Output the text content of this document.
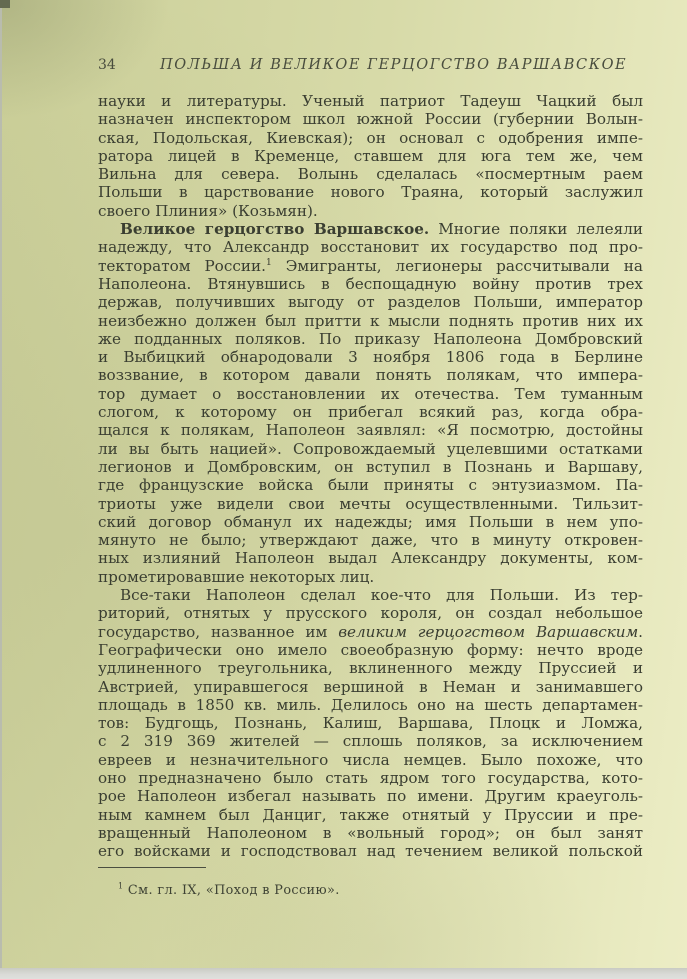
34	ПОЛЬША И ВЕЛИКОЕ ГЕРЦОГСТВО ВАРШАВСКОЕ
науки и литературы. Ученый патриот Тадеуш Чацкий был
назначен инспектором школ южной России (губернии Волын-
ская, Подольская, Киевская); он основал с одобрения импе-
ратора лицей в Кременце, ставшем для юга тем же, чем
Вильна для севера. Волынь сделалась «посмертным раем
Польши в царствование нового Траяна, который заслужил
своего Плиния» (Козьмян).
Великое герцогство Варшавское. Многие поляки лелеяли
надежду, что Александр восстановит их государство под про-
текторатом России.$^1$ Эмигранты, легионеры рассчитывали на
Наполеона. Втянувшись в беспощадную войну против трех
держав, получивших выгоду от разделов Польши, император
неизбежно должен был притти к мысли поднять против них их
же подданных поляков. По приказу Наполеона Домбровский
и Выбицкий обнародовали 3 ноября 1806 года в Берлине
воззвание, в котором давали понять полякам, что импера-
тор думает о восстановлении их отечества. Тем туманным
слогом, к которому он прибегал всякий раз, когда обра-
щался к полякам, Наполеон заявлял: «Я посмотрю, достойны
ли вы быть нацией». Сопровождаемый уцелевшими остатками
легионов и Домбровским, он вступил в Познань и Варшаву,
где французские войска были приняты с энтузиазмом. Па-
триоты уже видели свои мечты осуществленными. Тильзит-
ский договор обманул их надежды; имя Польши в нем упо-
мянуто не было; утверждают даже, что в минуту откровен-
ных излияний Наполеон выдал Александру документы, ком-
прометировавшие некоторых лиц.
Все-таки Наполеон сделал кое-что для Польши. Из тер-
риторий, отнятых у прусского короля, он создал небольшое
государство, названное им великим герцогством Варшавским.
Географически оно имело своеобразную форму: нечто вроде
удлиненного треугольника, вклиненного между Пруссией и
Австрией, упиравшегося вершиной в Неман и занимавшего
площадь в 1850 кв. миль. Делилось оно на шесть департамен-
тов: Будгощь, Познань, Калиш, Варшава, Плоцк и Ломжа,
с 2 319 369 жителей — сплошь поляков, за исключением
евреев и незначительного числа немцев. Было похоже, что
оно предназначено было стать ядром того государства, кото-
рое Наполеон избегал называть по имени. Другим краеуголь-
ным камнем был Данциг, также отнятый у Пруссии и пре-
вращенный Наполеоном в «вольный город»; он был занят
его войсками и господствовал над течением великой польской
$^1$ См. гл. IX, «Поход в Россию».
